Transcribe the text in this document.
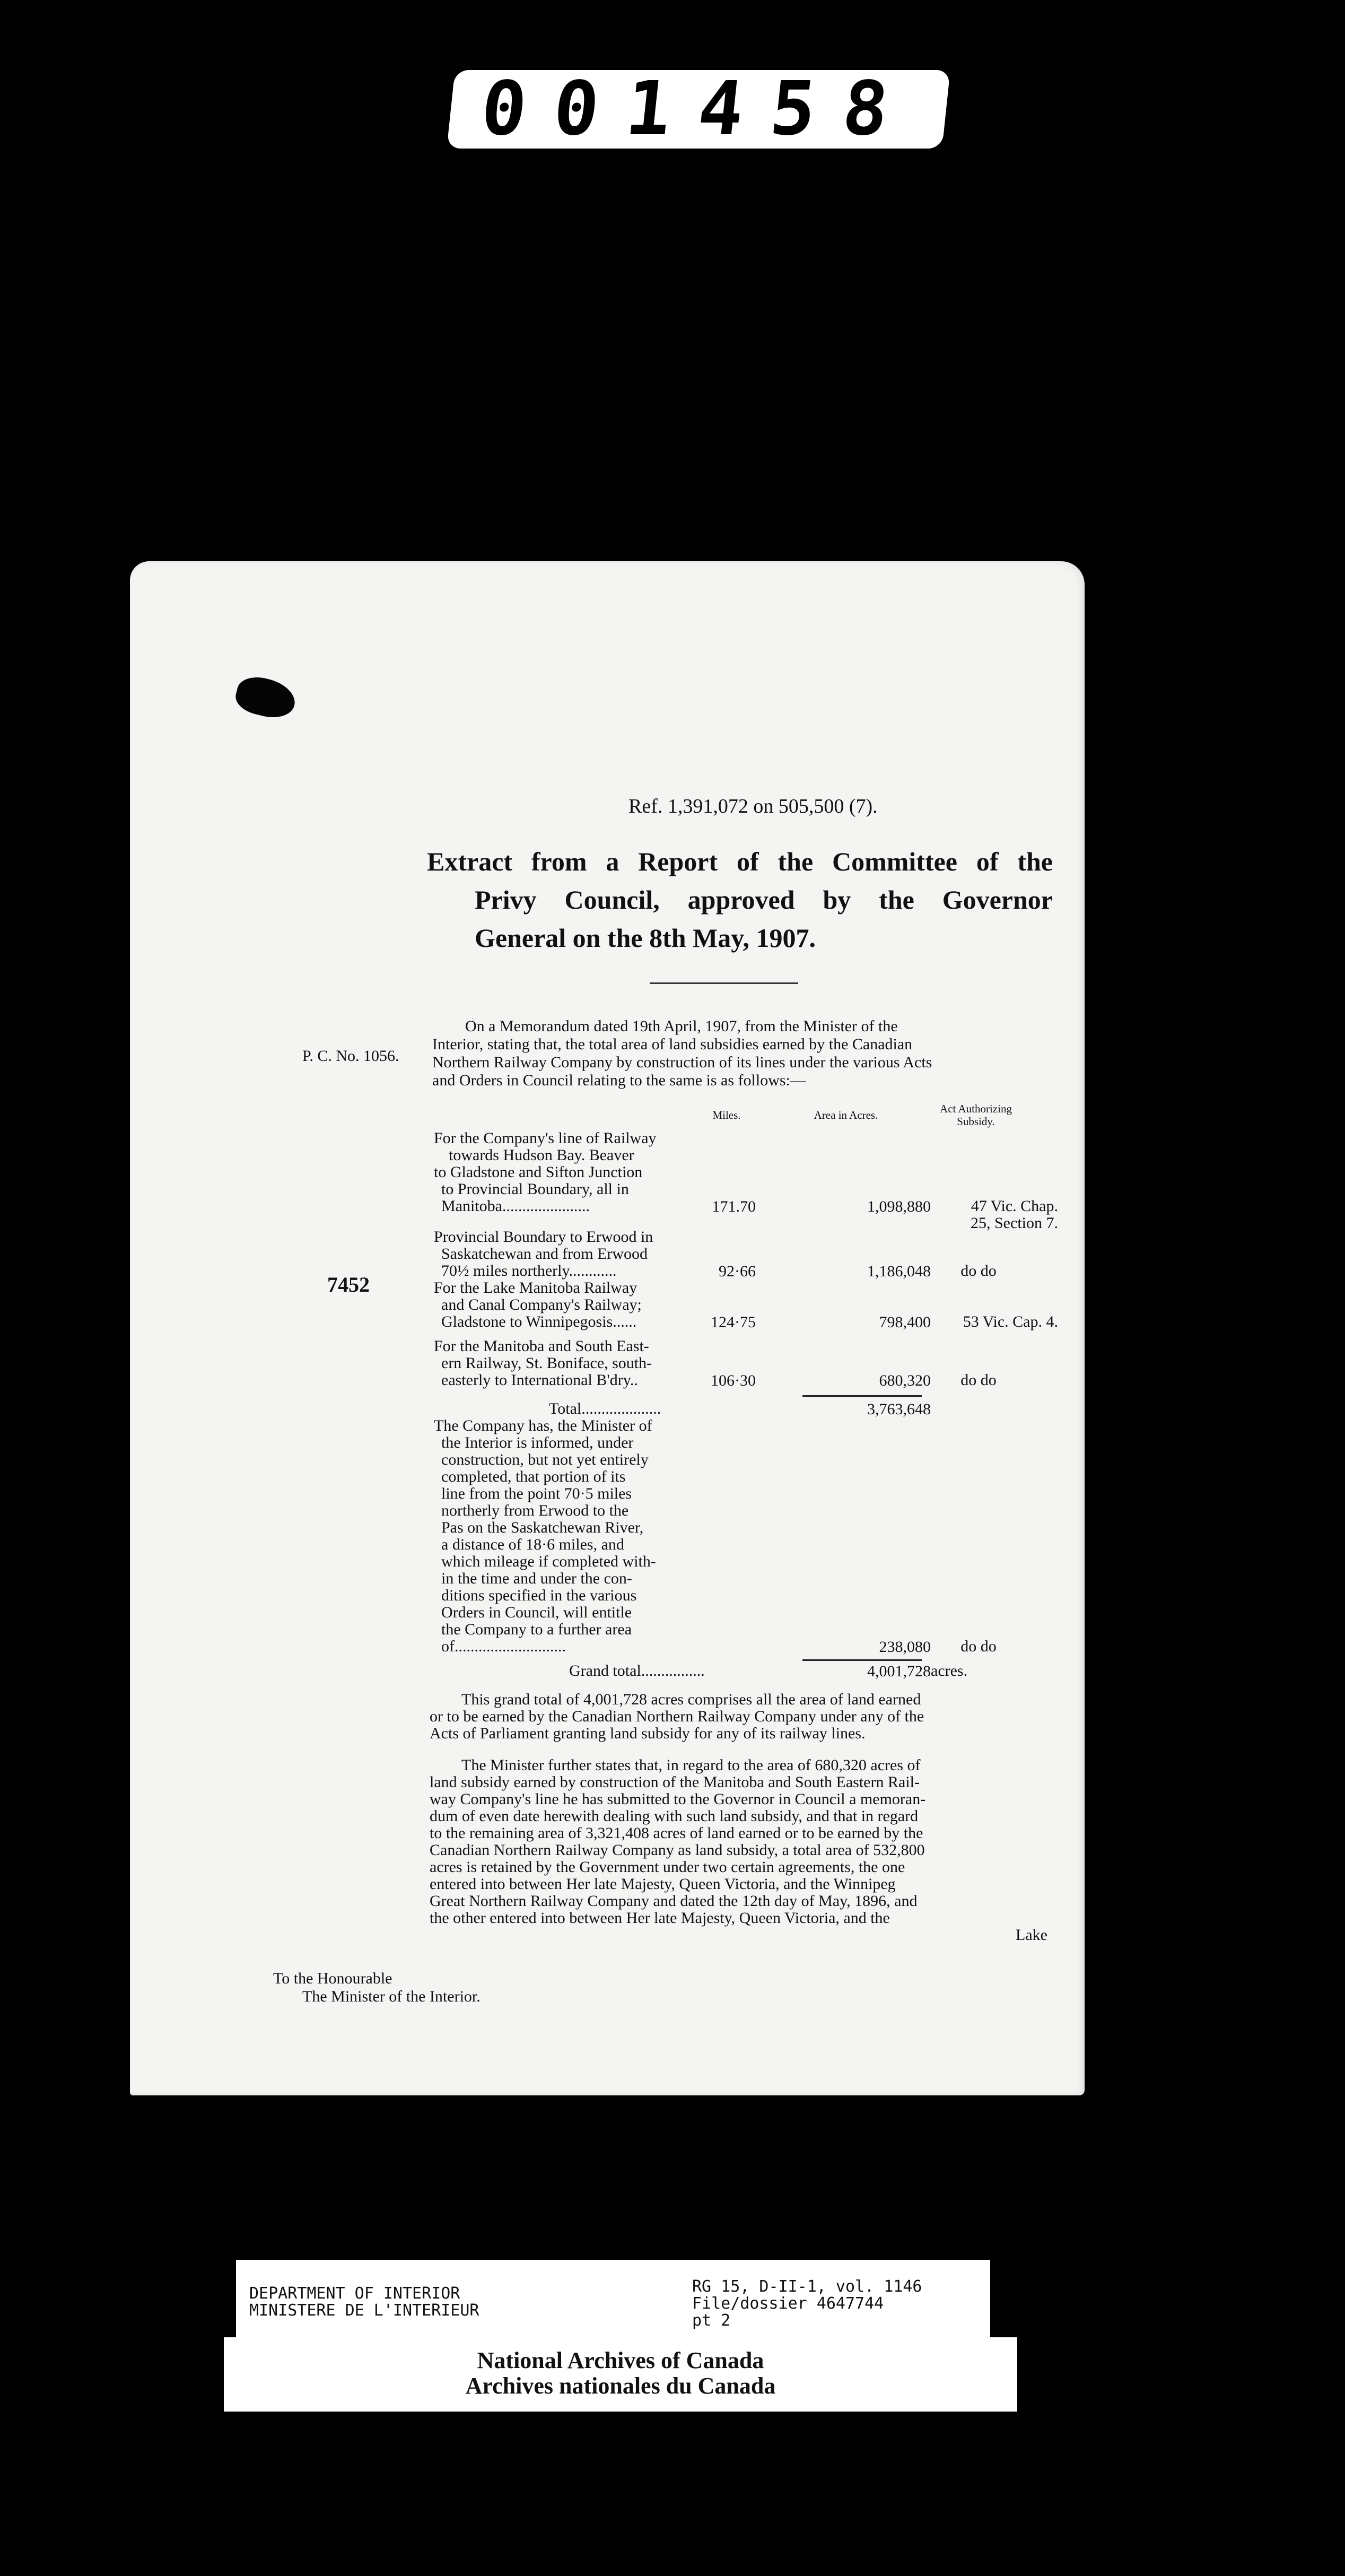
001458
Ref. 1,391,072 on 505,500 (7).
Extract from a Report of the Committee of the
Privy Council, approved by the Governor
General on the 8th May, 1907.
P. C. No. 1056.
7452
On a Memorandum dated 19th April, 1907, from the Minister of the
Interior, stating that, the total area of land subsidies earned by the Canadian
Northern Railway Company by construction of its lines under the various Acts
and Orders in Council relating to the same is as follows:—
Miles.	Area in Acres.	Act Authorizing
Subsidy.
For the Company's line of Railway
towards Hudson Bay. Beaver
to Gladstone and Sifton Junction
to Provincial Boundary, all in
Manitoba......................	171.70	1,098,880	47 Vic. Chap.
25, Section 7.
Provincial Boundary to Erwood in
Saskatchewan and from Erwood
70½ miles northerly............	92·66	1,186,048	do do
For the Lake Manitoba Railway
and Canal Company's Railway;
Gladstone to Winnipegosis......	124·75	798,400	53 Vic. Cap. 4.
For the Manitoba and South East-
ern Railway, St. Boniface, south-
easterly to International B'dry..	106·30	680,320	do do
Total....................	3,763,648
The Company has, the Minister of
the Interior is informed, under
construction, but not yet entirely
completed, that portion of its
line from the point 70·5 miles
northerly from Erwood to the
Pas on the Saskatchewan River,
a distance of 18·6 miles, and
which mileage if completed with-
in the time and under the con-
ditions specified in the various
Orders in Council, will entitle
the Company to a further area
of............................	238,080	do do
Grand total................	4,001,728 acres.
This grand total of 4,001,728 acres comprises all the area of land earned
or to be earned by the Canadian Northern Railway Company under any of the
Acts of Parliament granting land subsidy for any of its railway lines.
The Minister further states that, in regard to the area of 680,320 acres of
land subsidy earned by construction of the Manitoba and South Eastern Rail-
way Company's line he has submitted to the Governor in Council a memoran-
dum of even date herewith dealing with such land subsidy, and that in regard
to the remaining area of 3,321,408 acres of land earned or to be earned by the
Canadian Northern Railway Company as land subsidy, a total area of 532,800
acres is retained by the Government under two certain agreements, the one
entered into between Her late Majesty, Queen Victoria, and the Winnipeg
Great Northern Railway Company and dated the 12th day of May, 1896, and
the other entered into between Her late Majesty, Queen Victoria, and the
Lake
To the Honourable
The Minister of the Interior.
DEPARTMENT OF INTERIOR
MINISTERE DE L'INTERIEUR
RG 15, D-II-1, vol. 1146
File/dossier 4647744
pt 2
National Archives of Canada
Archives nationales du Canada
